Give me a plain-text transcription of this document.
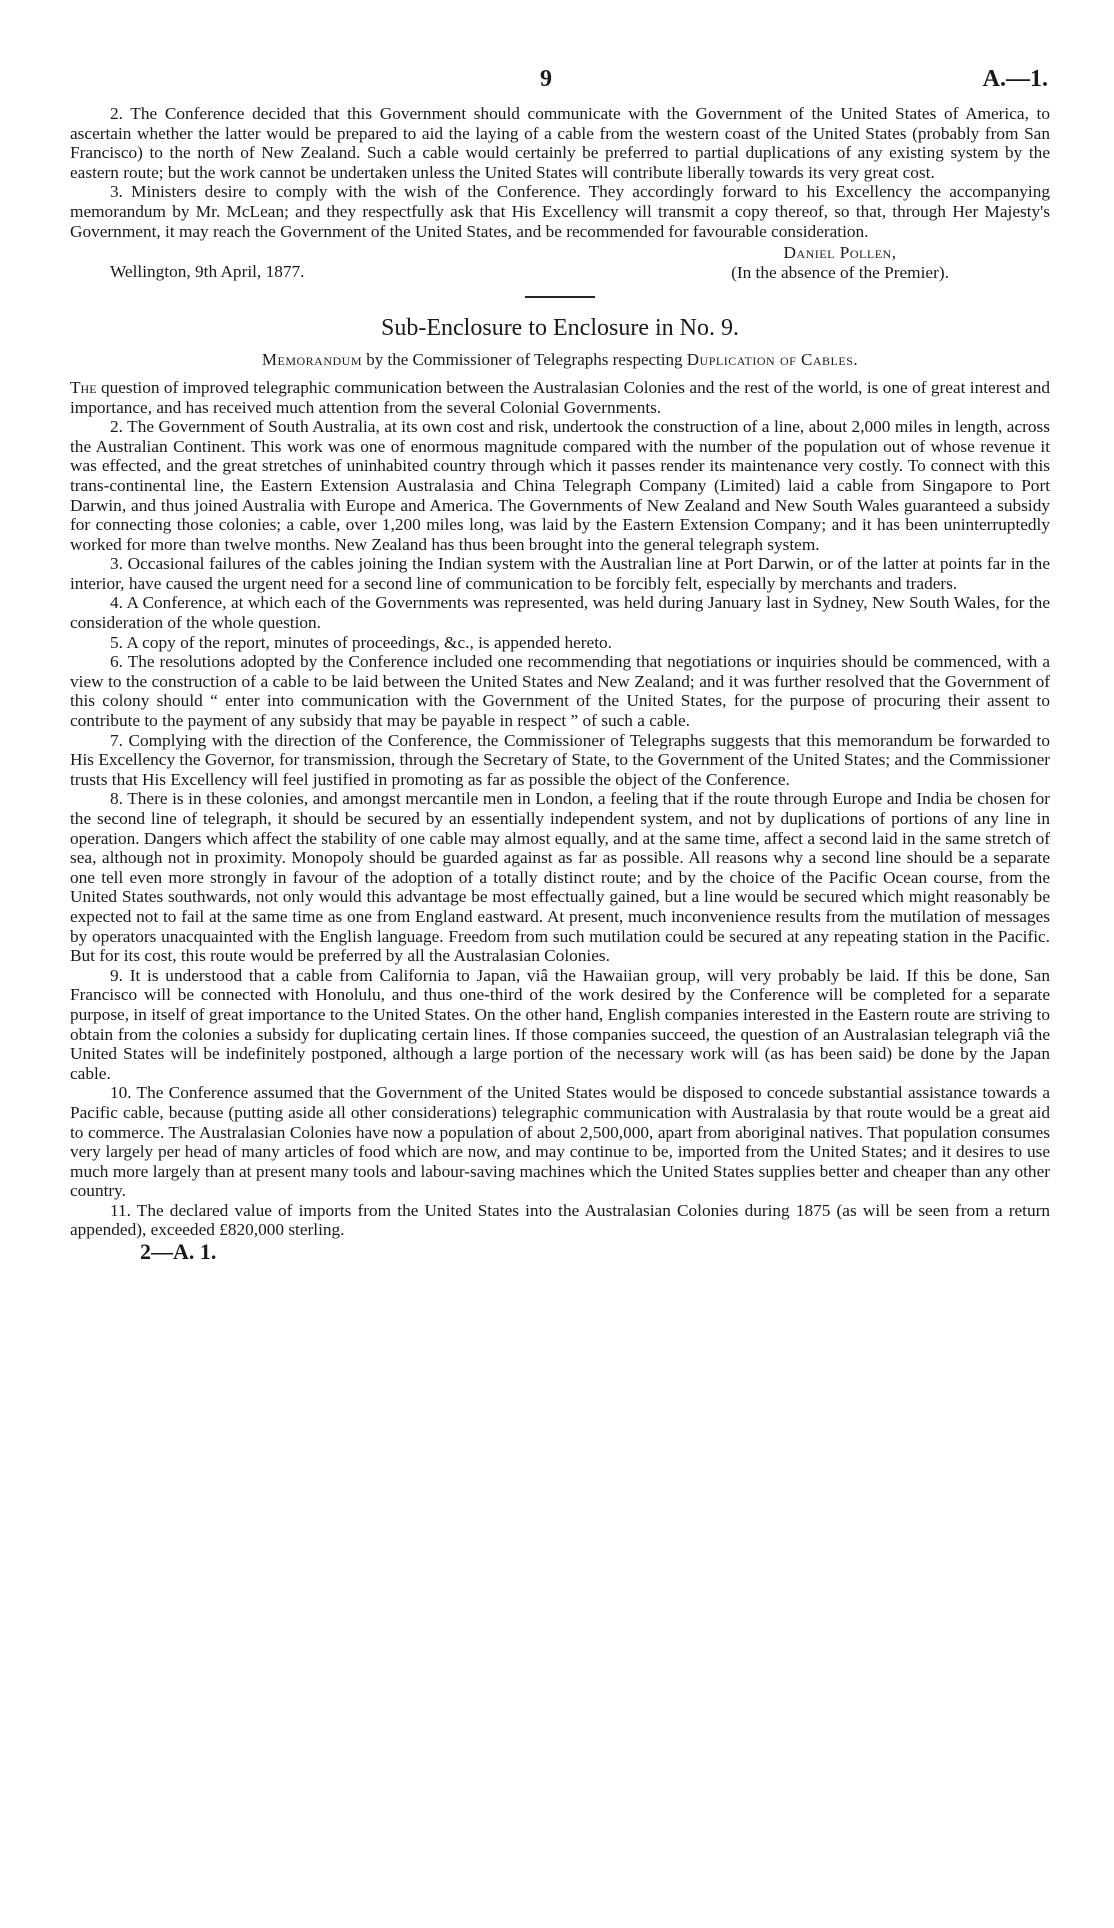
9	A.—1.

2. The Conference decided that this Government should communicate with the Government of the United States of America, to ascertain whether the latter would be prepared to aid the laying of a cable from the western coast of the United States (probably from San Francisco) to the north of New Zealand. Such a cable would certainly be preferred to partial duplications of any existing system by the eastern route; but the work cannot be undertaken unless the United States will contribute liberally towards its very great cost.

3. Ministers desire to comply with the wish of the Conference. They accordingly forward to his Excellency the accompanying memorandum by Mr. McLean; and they respectfully ask that His Excellency will transmit a copy thereof, so that, through Her Majesty's Government, it may reach the Government of the United States, and be recommended for favourable consideration.

Wellington, 9th April, 1877.
Daniel Pollen,
(In the absence of the Premier).
Sub-Enclosure to Enclosure in No. 9.
Memorandum by the Commissioner of Telegraphs respecting Duplication of Cables.

The question of improved telegraphic communication between the Australasian Colonies and the rest of the world, is one of great interest and importance, and has received much attention from the several Colonial Governments.

2. The Government of South Australia, at its own cost and risk, undertook the construction of a line, about 2,000 miles in length, across the Australian Continent. This work was one of enormous magnitude compared with the number of the population out of whose revenue it was effected, and the great stretches of uninhabited country through which it passes render its maintenance very costly. To connect with this trans-continental line, the Eastern Extension Australasia and China Telegraph Company (Limited) laid a cable from Singapore to Port Darwin, and thus joined Australia with Europe and America. The Governments of New Zealand and New South Wales guaranteed a subsidy for connecting those colonies; a cable, over 1,200 miles long, was laid by the Eastern Extension Company; and it has been uninterruptedly worked for more than twelve months. New Zealand has thus been brought into the general telegraph system.

3. Occasional failures of the cables joining the Indian system with the Australian line at Port Darwin, or of the latter at points far in the interior, have caused the urgent need for a second line of communication to be forcibly felt, especially by merchants and traders.

4. A Conference, at which each of the Governments was represented, was held during January last in Sydney, New South Wales, for the consideration of the whole question.

5. A copy of the report, minutes of proceedings, &c., is appended hereto.

6. The resolutions adopted by the Conference included one recommending that negotiations or inquiries should be commenced, with a view to the construction of a cable to be laid between the United States and New Zealand; and it was further resolved that the Government of this colony should “ enter into communication with the Government of the United States, for the purpose of procuring their assent to contribute to the payment of any subsidy that may be payable in respect ” of such a cable.

7. Complying with the direction of the Conference, the Commissioner of Telegraphs suggests that this memorandum be forwarded to His Excellency the Governor, for transmission, through the Secretary of State, to the Government of the United States; and the Commissioner trusts that His Excellency will feel justified in promoting as far as possible the object of the Conference.

8. There is in these colonies, and amongst mercantile men in London, a feeling that if the route through Europe and India be chosen for the second line of telegraph, it should be secured by an essentially independent system, and not by duplications of portions of any line in operation. Dangers which affect the stability of one cable may almost equally, and at the same time, affect a second laid in the same stretch of sea, although not in proximity. Monopoly should be guarded against as far as possible. All reasons why a second line should be a separate one tell even more strongly in favour of the adoption of a totally distinct route; and by the choice of the Pacific Ocean course, from the United States southwards, not only would this advantage be most effectually gained, but a line would be secured which might reasonably be expected not to fail at the same time as one from England eastward. At present, much inconvenience results from the mutilation of messages by operators unacquainted with the English language. Freedom from such mutilation could be secured at any repeating station in the Pacific. But for its cost, this route would be preferred by all the Australasian Colonies.

9. It is understood that a cable from California to Japan, viâ the Hawaiian group, will very probably be laid. If this be done, San Francisco will be connected with Honolulu, and thus one-third of the work desired by the Conference will be completed for a separate purpose, in itself of great importance to the United States. On the other hand, English companies interested in the Eastern route are striving to obtain from the colonies a subsidy for duplicating certain lines. If those companies succeed, the question of an Australasian telegraph viâ the United States will be indefinitely postponed, although a large portion of the necessary work will (as has been said) be done by the Japan cable.

10. The Conference assumed that the Government of the United States would be disposed to concede substantial assistance towards a Pacific cable, because (putting aside all other considerations) telegraphic communication with Australasia by that route would be a great aid to commerce. The Australasian Colonies have now a population of about 2,500,000, apart from aboriginal natives. That population consumes very largely per head of many articles of food which are now, and may continue to be, imported from the United States; and it desires to use much more largely than at present many tools and labour-saving machines which the United States supplies better and cheaper than any other country.

11. The declared value of imports from the United States into the Australasian Colonies during 1875 (as will be seen from a return appended), exceeded £820,000 sterling.

2—A. 1.
